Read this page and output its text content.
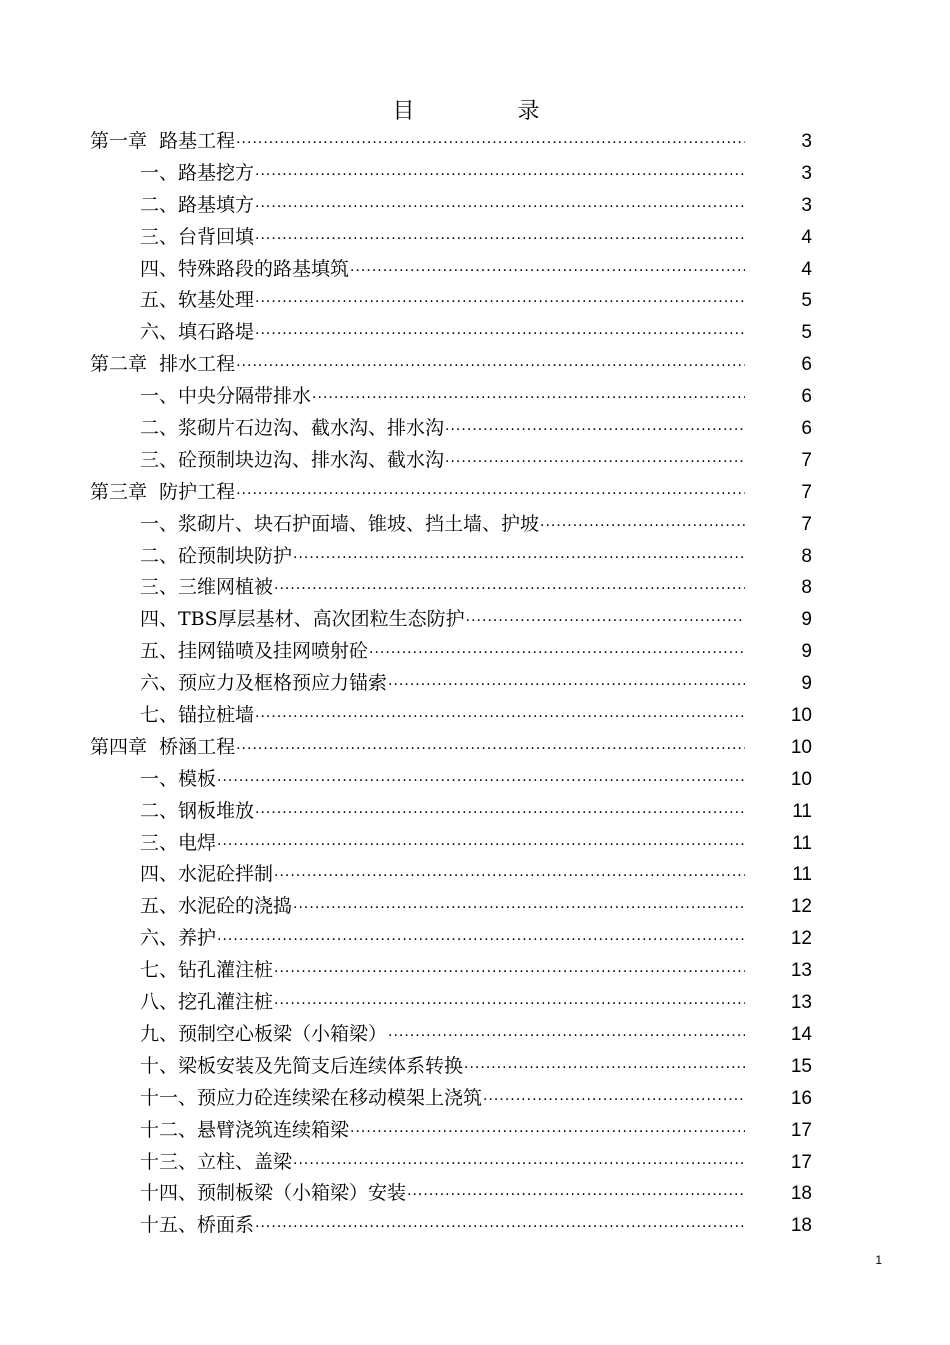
目 录
第一章  路基工程 ·····	3
一、路基挖方 ·····	3
二、路基填方 ·····	3
三、台背回填 ·····	4
四、特殊路段的路基填筑 ·····	4
五、软基处理 ·····	5
六、填石路堤 ·····	5
第二章  排水工程 ·····	6
一、中央分隔带排水 ·····	6
二、浆砌片石边沟、截水沟、排水沟 ·····	6
三、砼预制块边沟、排水沟、截水沟 ·····	7
第三章  防护工程 ·····	7
一、浆砌片、块石护面墙、锥坡、挡土墙、护坡 ·····	7
二、砼预制块防护 ·····	8
三、三维网植被 ·····	8
四、TBS厚层基材、高次团粒生态防护 ·····	9
五、挂网锚喷及挂网喷射砼 ·····	9
六、预应力及框格预应力锚索 ·····	9
七、锚拉桩墙 ·····	10
第四章  桥涵工程 ·····	10
一、模板 ·····	10
二、钢板堆放 ·····	11
三、电焊 ·····	11
四、水泥砼拌制 ·····	11
五、水泥砼的浇捣 ·····	12
六、养护 ·····	12
七、钻孔灌注桩 ·····	13
八、挖孔灌注桩 ·····	13
九、预制空心板梁（小箱梁） ·····	14
十、梁板安装及先简支后连续体系转换 ·····	15
十一、预应力砼连续梁在移动模架上浇筑 ·····	16
十二、悬臂浇筑连续箱梁 ·····	17
十三、立柱、盖梁 ·····	17
十四、预制板梁（小箱梁）安装 ·····	18
十五、桥面系 ·····	18
1
